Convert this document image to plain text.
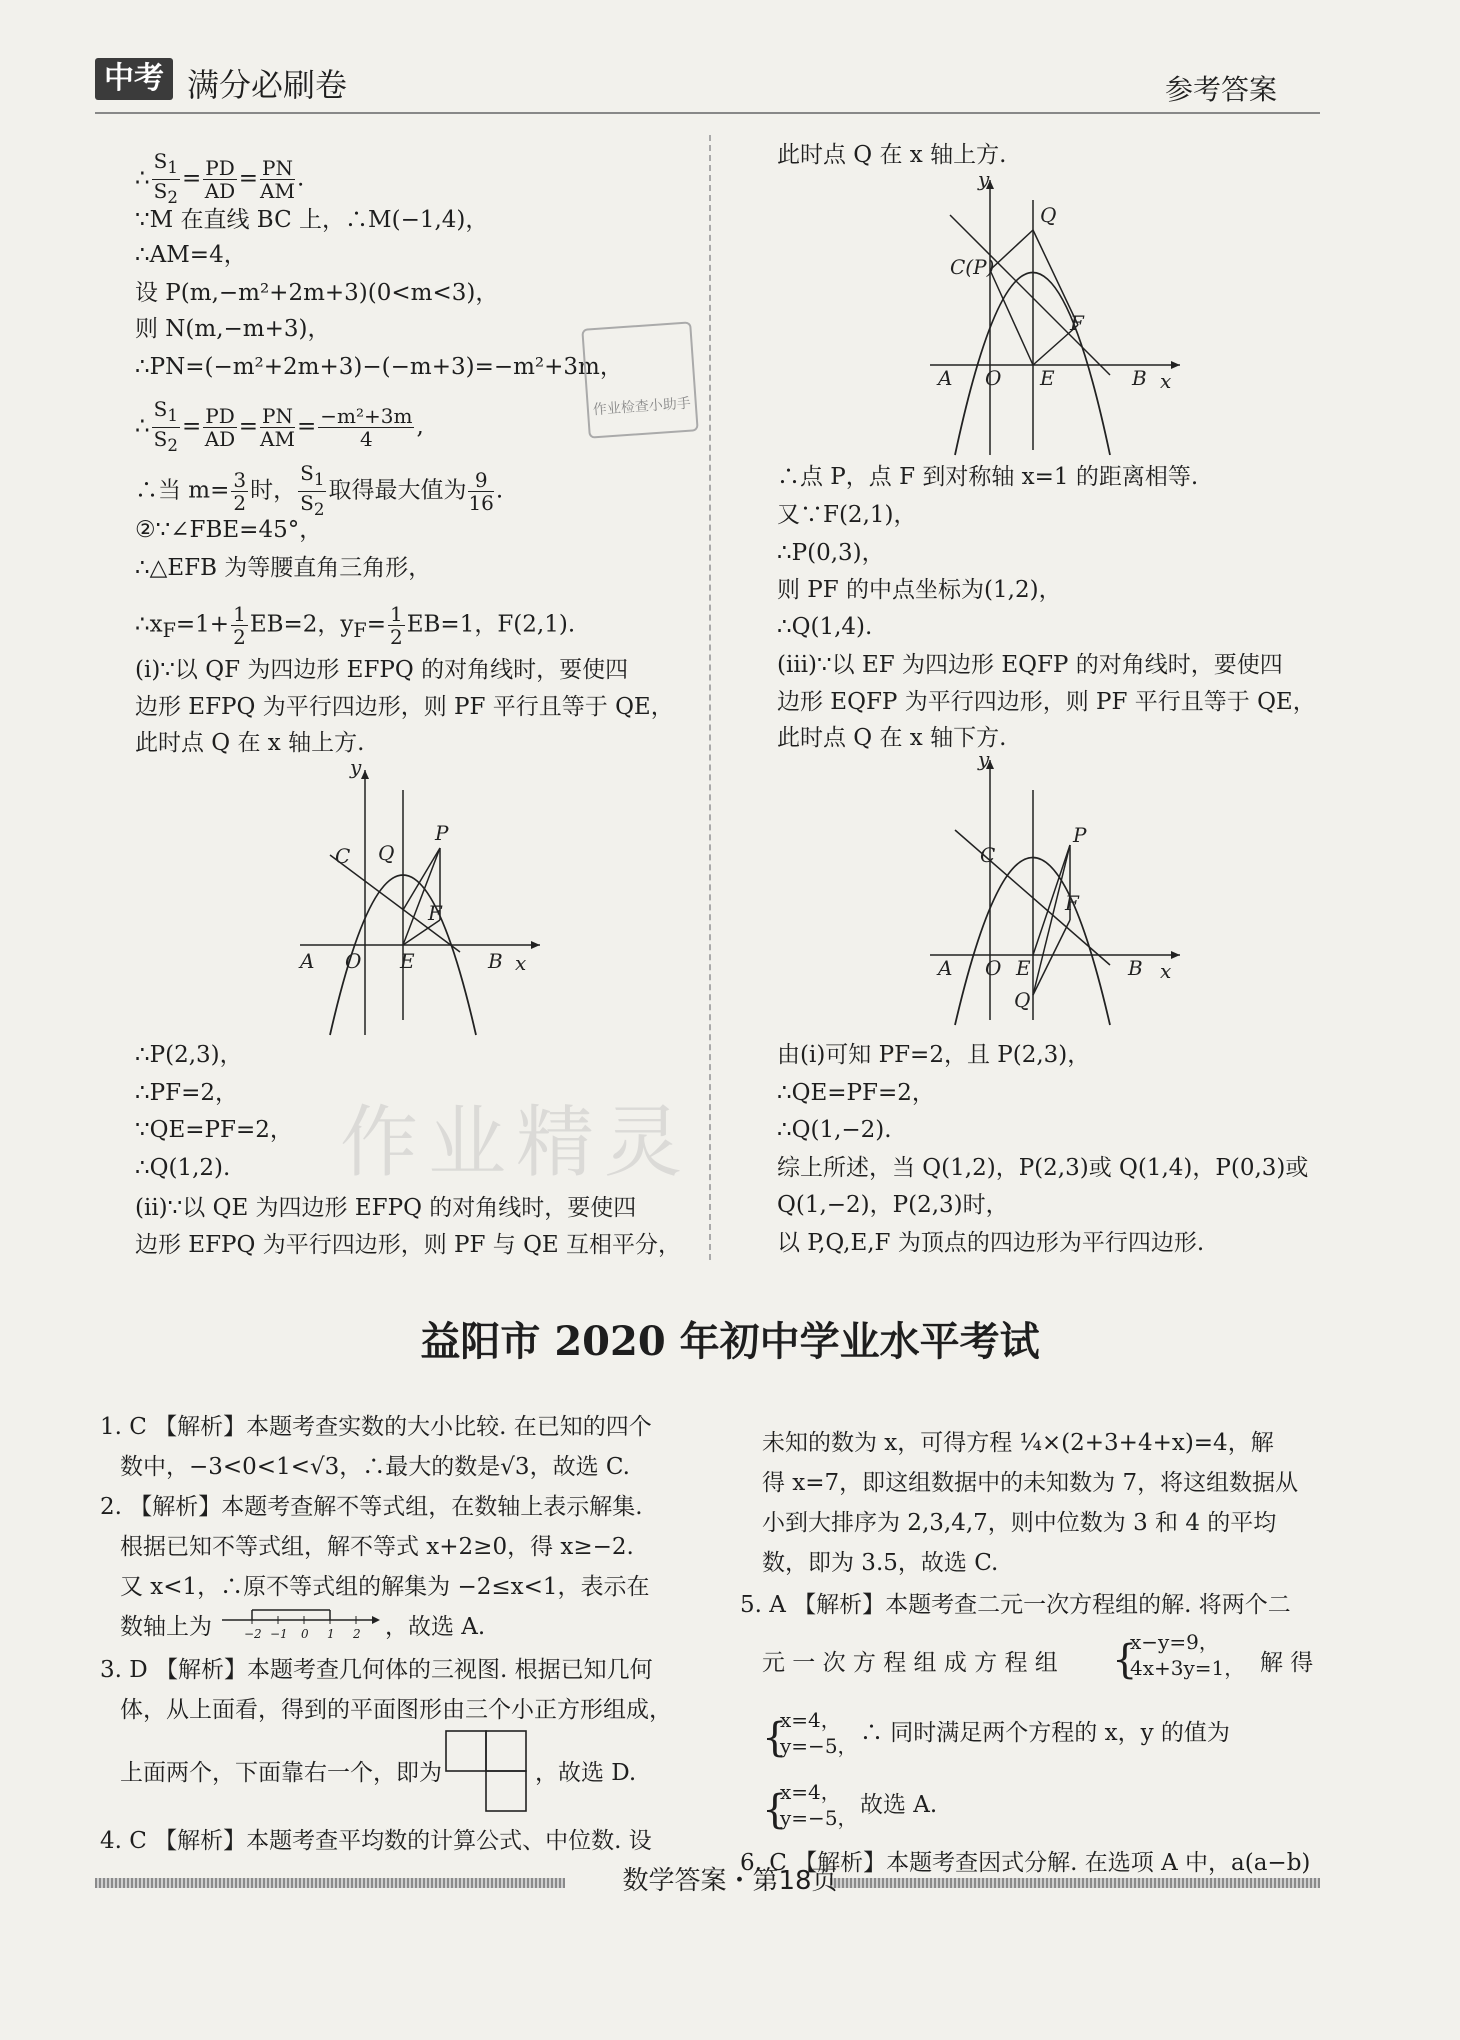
中考 满分必刷卷	参考答案
作业精灵
∴ $\frac{S_1}{S_2} = \frac{PD}{AD} = \frac{PN}{AM}$ .
∵M 在直线 BC 上，∴M(−1,4)，
∴AM=4，
设 P(m,−m²+2m+3)(0<m<3)，
则 N(m,−m+3)，
∴PN=(−m²+2m+3)−(−m+3)=−m²+3m，
∴ $\frac{S_1}{S_2} = \frac{PD}{AD} = \frac{PN}{AM} = \frac{\text{−m²+3m}}{4}$ ,
∴当 $m= \frac{3}{2}$ 时， $\frac{S_1}{S_2}$ 取得最大值为 $\frac{9}{16}$ .
②∵∠FBE=45°，
∴△EFB 为等腰直角三角形，
$\therefore x_F=1+ \frac{1}{2} EB=2$，$y_F= \frac{1}{2} EB=1$，F(2,1).
(ⅰ)∵以 QF 为四边形 EFPQ 的对角线时，要使四
边形 EFPQ 为平行四边形，则 PF 平行且等于 QE，
此时点 Q 在 x 轴上方.
作业检查小助手
y
x
A O E	B
C Q
P
F
∴P(2,3)，
∴PF=2，
∵QE=PF=2，
∴Q(1,2).
(ⅱ)∵以 QE 为四边形 EFPQ 的对角线时，要使四
边形 EFPQ 为平行四边形，则 PF 与 QE 互相平分，
此时点 Q 在 x 轴上方.
y
x
A O E	B
C(P)
Q
F
∴点 P，点 F 到对称轴 x=1 的距离相等.
又∵F(2,1)，
∴P(0,3)，
则 PF 的中点坐标为(1,2)，
∴Q(1,4).
(ⅲ)∵以 EF 为四边形 EQFP 的对角线时，要使四
边形 EQFP 为平行四边形，则 PF 平行且等于 QE，
此时点 Q 在 x 轴下方.
y
x
A O E	B
C
P
F
Q
由(ⅰ)可知 PF=2，且 P(2,3)，
∴QE=PF=2，
∴Q(1,−2).
综上所述，当 Q(1,2)，P(2,3)或 Q(1,4)，P(0,3)或
Q(1,−2)，P(2,3)时，
以 P,Q,E,F 为顶点的四边形为平行四边形.
益阳市 2020 年初中学业水平考试
1. C 【解析】本题考查实数的大小比较. 在已知的四个
数中，−3<0<1<√3，∴最大的数是√3，故选 C.
2. 【解析】本题考查解不等式组，在数轴上表示解集.
根据已知不等式组，解不等式 x+2≥0，得 x≥−2.
又 x<1，∴原不等式组的解集为 −2≤x<1，表示在
数轴上为	−2 −1 0 1 2 ，故选 A.
3. D 【解析】本题考查几何体的三视图. 根据已知几何
体，从上面看，得到的平面图形由三个小正方形组成，
上面两个，下面靠右一个，即为	，故选 D.
4. C 【解析】本题考查平均数的计算公式、中位数. 设
未知的数为 x，可得方程 ¼×(2+3+4+x)=4，解
得 x=7，即这组数据中的未知数为 7，将这组数据从
小到大排序为 2,3,4,7，则中位数为 3 和 4 的平均
数，即为 3.5，故选 C.
5. A 【解析】本题考查二元一次方程组的解. 将两个二
元 一 次 方 程 组 成 方 程 组 {
x−y=9，
4x+3y=1， 解 得
{
x=4，
y=−5， ∴ 同时满足两个方程的 x，y 的值为
{
x=4，
y=−5， 故选 A.
6. C 【解析】本题考查因式分解. 在选项 A 中，a(a−b)
数学答案・第18页
